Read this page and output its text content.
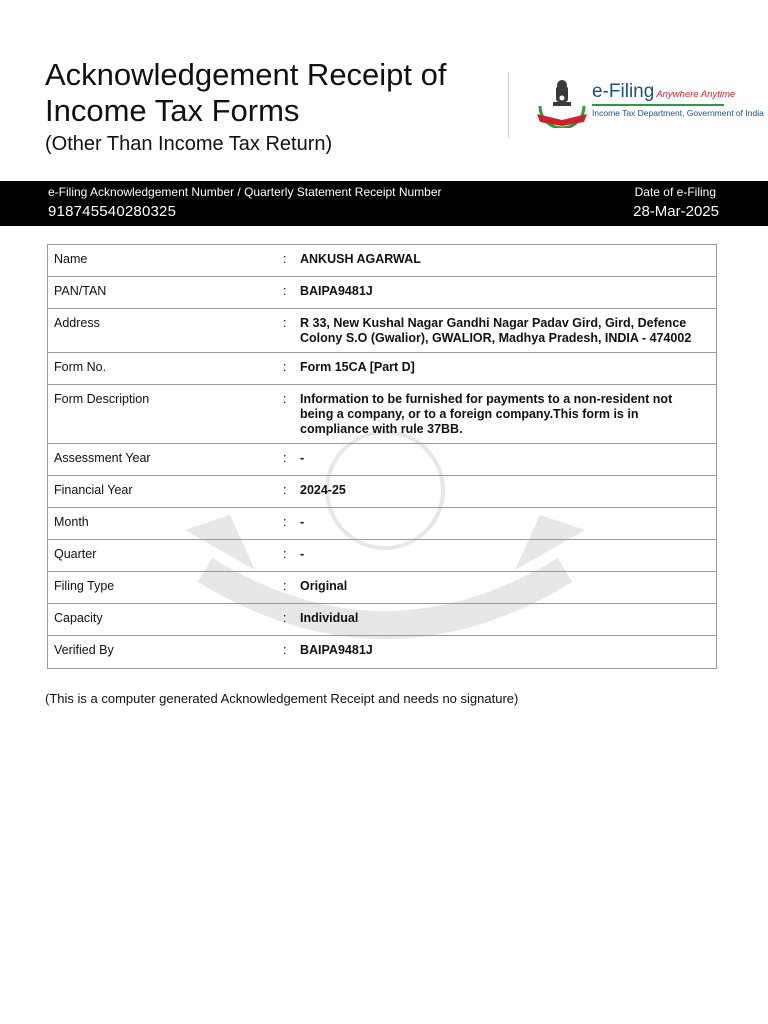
Acknowledgement Receipt of Income Tax Forms
(Other Than Income Tax Return)
e-Filing Anywhere Anytime
Income Tax Department, Government of India
e-Filing Acknowledgement Number / Quarterly Statement Receipt Number
918745540280325
Date of e-Filing
28-Mar-2025
Name	:	ANKUSH AGARWAL
PAN/TAN	:	BAIPA9481J
Address	:	R 33, New Kushal Nagar Gandhi Nagar Padav Gird, Gird, Defence Colony S.O (Gwalior), GWALIOR, Madhya Pradesh, INDIA - 474002
Form No.	:	Form 15CA [Part D]
Form Description	:	Information to be furnished for payments to a non-resident not being a company, or to a foreign company.This form is in compliance with rule 37BB.
Assessment Year	:	-
Financial Year	:	2024-25
Month	:	-
Quarter	:	-
Filing Type	:	Original
Capacity	:	Individual
Verified By	:	BAIPA9481J
(This is a computer generated Acknowledgement Receipt and needs no signature)
